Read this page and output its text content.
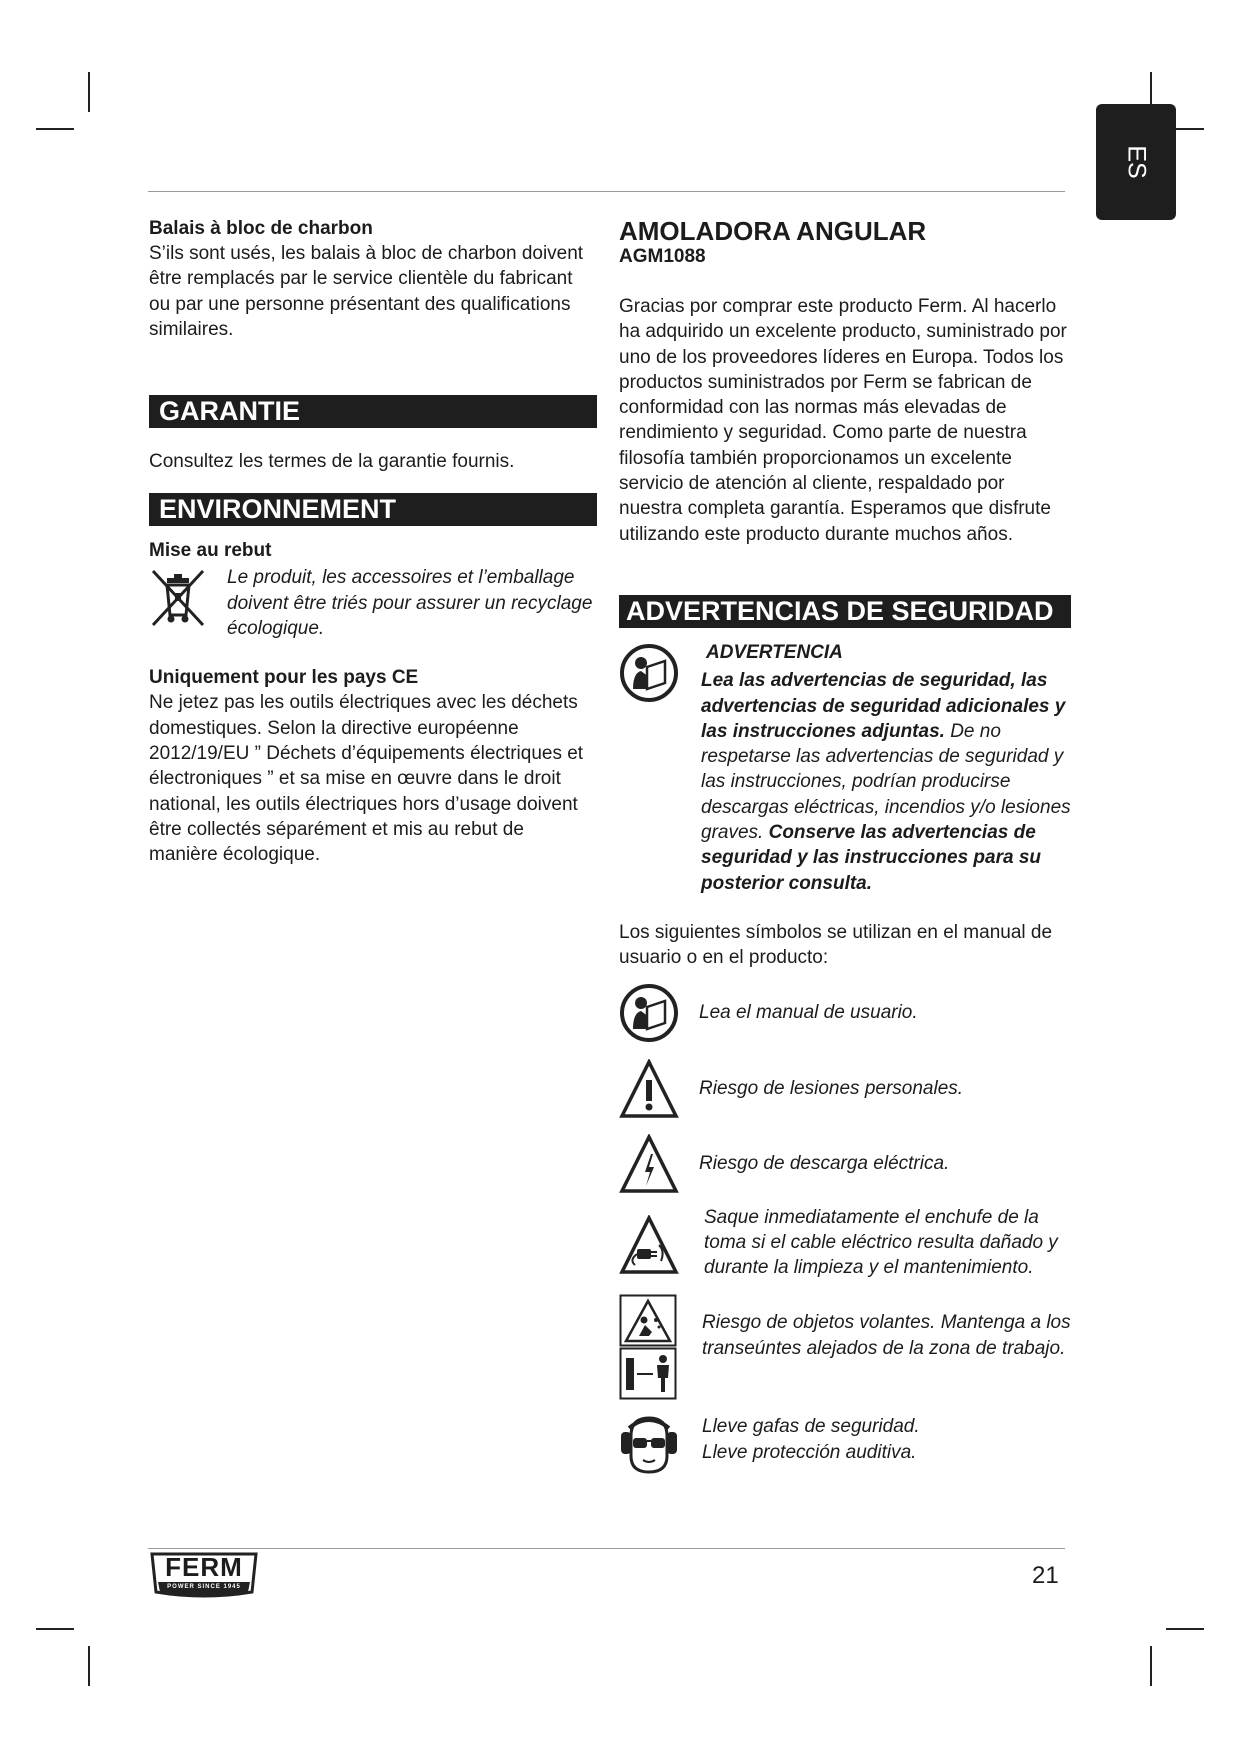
ES

Balais à bloc de charbon

S’ils sont usés, les balais à bloc de charbon doivent être remplacés par le service clientèle du fabricant ou par une personne présentant des qualifications similaires.

GARANTIE

Consultez les termes de la garantie fournis.

ENVIRONNEMENT

Mise au rebut

Le produit, les accessoires et l’emballage doivent être triés pour assurer un recyclage écologique.

Uniquement pour les pays CE

Ne jetez pas les outils électriques avec les déchets domestiques. Selon la directive européenne 2012/19/EU ” Déchets d’équipements électriques et électroniques ” et sa mise en œuvre dans le droit national, les outils électriques hors d’usage doivent être collectés séparément et mis au rebut de manière écologique.

AMOLADORA ANGULAR

AGM1088

Gracias por comprar este producto Ferm. Al hacerlo ha adquirido un excelente producto, suministrado por uno de los proveedores líderes en Europa. Todos los productos suministrados por Ferm se fabrican de conformidad con las normas más elevadas de rendimiento y seguridad. Como parte de nuestra filosofía también proporcionamos un excelente servicio de atención al cliente, respaldado por nuestra completa garantía. Esperamos que disfrute utilizando este producto durante muchos años.

ADVERTENCIAS DE SEGURIDAD

ADVERTENCIA
Lea las advertencias de seguridad, las advertencias de seguridad adicionales y las instrucciones adjuntas. De no respetarse las advertencias de seguridad y las instrucciones, podrían producirse descargas eléctricas, incendios y/o lesiones graves. Conserve las advertencias de seguridad y las instrucciones para su posterior consulta.

Los siguientes símbolos se utilizan en el manual de usuario o en el producto:

Lea el manual de usuario.
Riesgo de lesiones personales.
Riesgo de descarga eléctrica.
Saque inmediatamente el enchufe de la toma si el cable eléctrico resulta dañado y durante la limpieza y el mantenimiento.
Riesgo de objetos volantes. Mantenga a los transeúntes alejados de la zona de trabajo.
Lleve gafas de seguridad. Lleve protección auditiva.
FERM
POWER SINCE 1945	21
